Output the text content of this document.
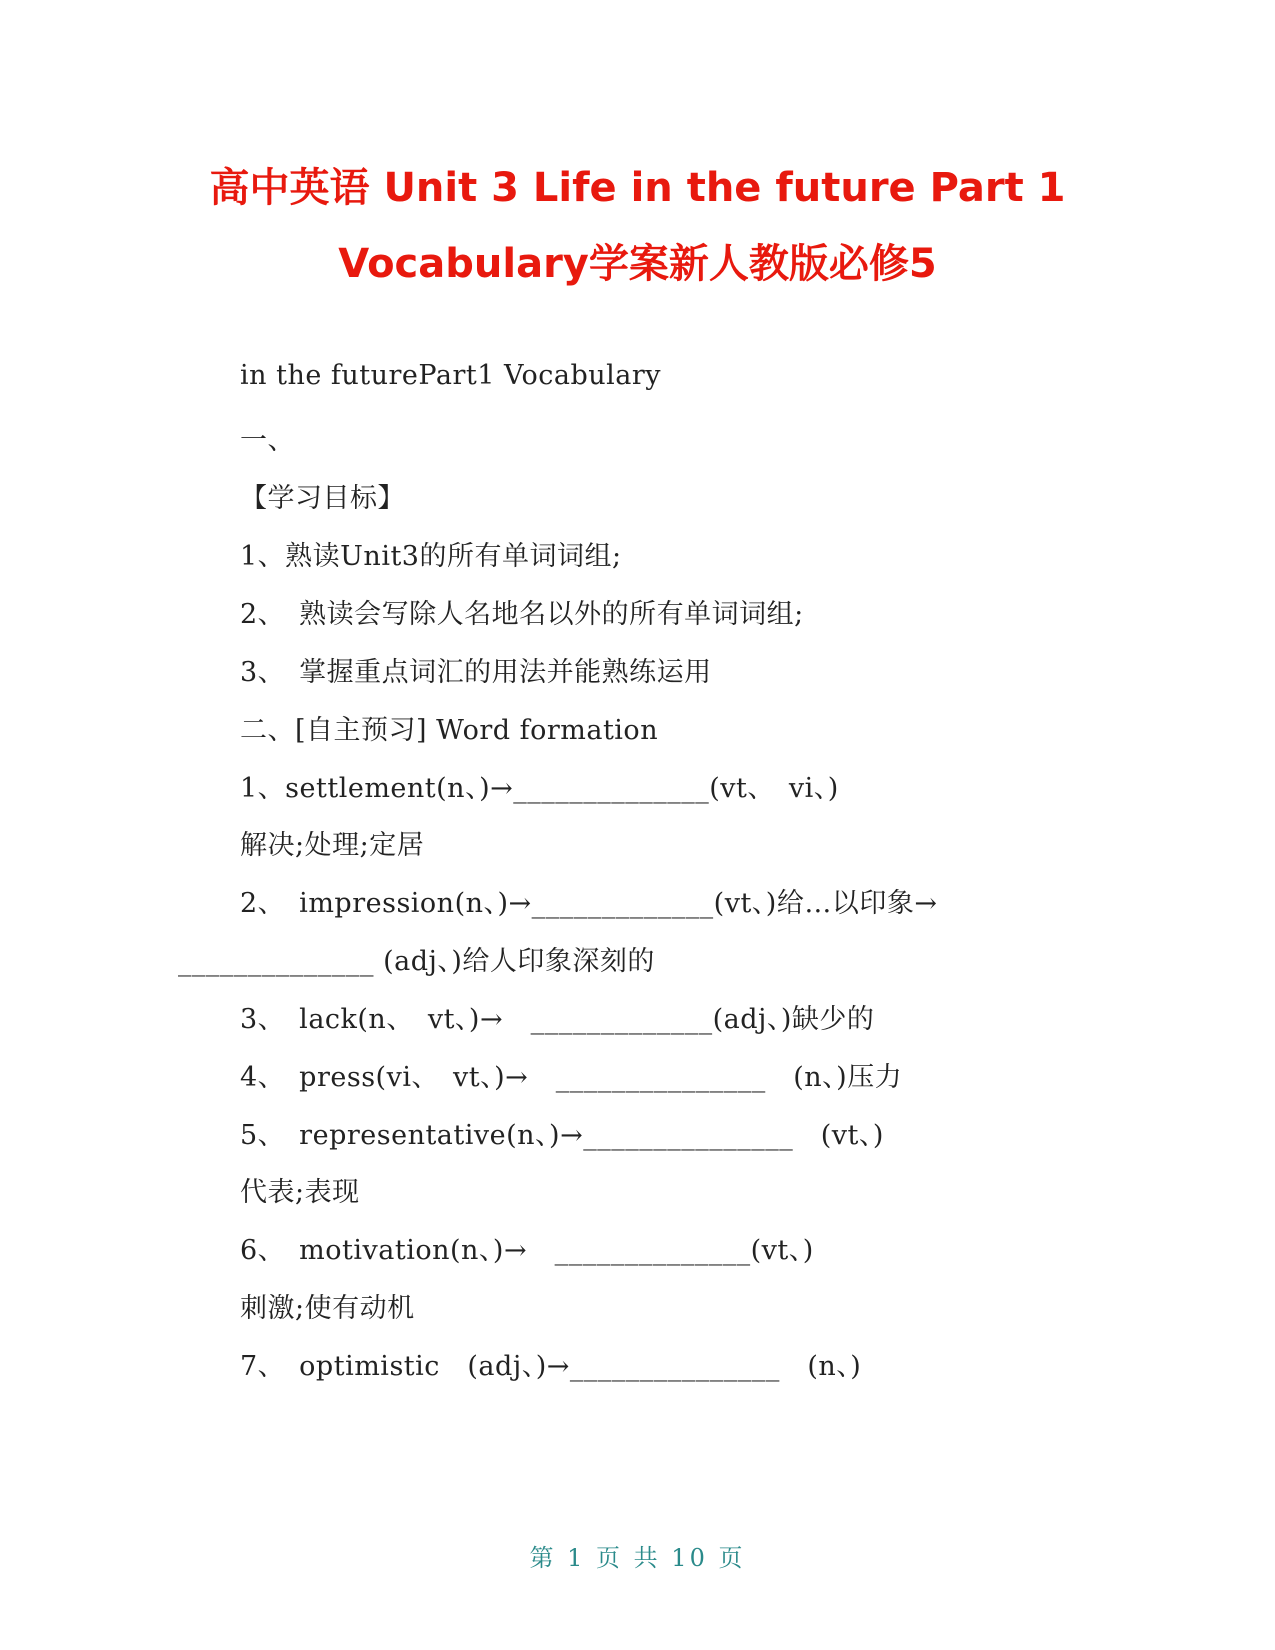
高中英语 Unit 3 Life in the future Part 1
Vocabulary学案新人教版必修5
in the futurePart1 Vocabulary
一、
【学习目标】
1、熟读Unit3的所有单词词组;
2、　熟读会写除人名地名以外的所有单词词组;
3、　掌握重点词汇的用法并能熟练运用
二、[自主预习] Word formation
1、settlement(n、)→______________(vt、　vi、)
解决;处理;定居
2、　impression(n、)→_____________(vt、)给…以印象→
______________ (adj、)给人印象深刻的
3、　lack(n、　vt、)→　_____________(adj、)缺少的
4、　press(vi、　vt、)→　_______________　(n、)压力
5、　representative(n、)→_______________　(vt、)
代表;表现
6、　motivation(n、)→　______________(vt、)
刺激;使有动机
7、　optimistic　(adj、)→_______________　(n、)
第 1 页 共 10 页
